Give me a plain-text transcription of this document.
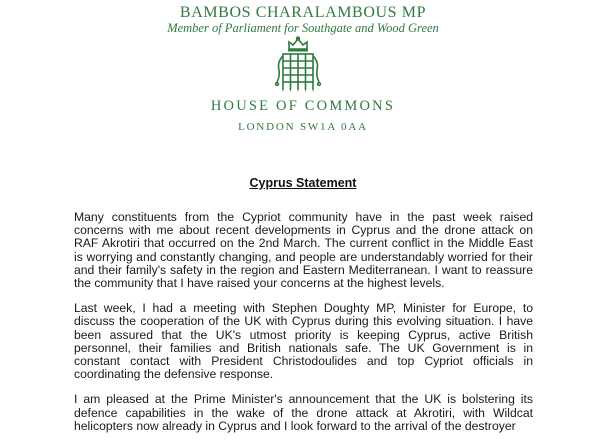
BAMBOS CHARALAMBOUS MP
Member of Parliament for Southgate and Wood Green
HOUSE OF COMMONS
LONDON SW1A 0AA
Cyprus Statement

Many constituents from the Cypriot community have in the past week raised concerns with me about recent developments in Cyprus and the drone attack on RAF Akrotiri that occurred on the 2nd March. The current conflict in the Middle East is worrying and constantly changing, and people are understandably worried for their and their family's safety in the region and Eastern Mediterranean. I want to reassure the community that I have raised your concerns at the highest levels.

Last week, I had a meeting with Stephen Doughty MP, Minister for Europe, to discuss the cooperation of the UK with Cyprus during this evolving situation. I have been assured that the UK's utmost priority is keeping Cyprus, active British personnel, their families and British nationals safe. The UK Government is in constant contact with President Christodoulides and top Cypriot officials in coordinating the defensive response.

I am pleased at the Prime Minister's announcement that the UK is bolstering its defence capabilities in the wake of the drone attack at Akrotiri, with Wildcat helicopters now already in Cyprus and I look forward to the arrival of the destroyer
